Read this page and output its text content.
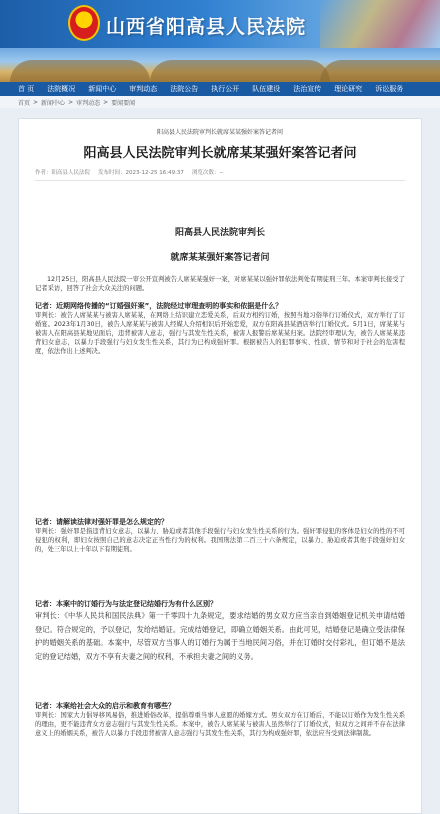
山西省阳高县人民法院
首 页 法院概况 新闻中心 审判动态 法院公告 执行公开 队伍建设 法治宣传 理论研究 诉讼服务
首页 > 新闻中心 > 审判动态 > 要闻要闻
阳高县人民法院审判长就席某某强奸案答记者问
阳高县人民法院审判长就席某某强奸案答记者问
作者：阳高县人民法院 发布时间：2023-12-25 16:49:37 浏览次数：--
阳高县人民法院审判长
就席某某强奸案答记者问
12月25日，阳高县人民法院一审公开宣判被告人席某某强奸一案，对席某某以强奸罪依法判处有期徒刑三年。本案审判长接受了记者采访，回答了社会大众关注的问题。
记者：近期网络传播的“订婚强奸案”，法院经过审理查明的事实和依据是什么？
审判长：被告人席某某与被害人席某某，在网络上结识建立恋爱关系，后双方相约订婚，按照当地习俗举行订婚仪式，双方举行了订婚宴。2023年1月30日，被告人席某某与被害人经媒人介绍相识后开始恋爱，双方在阳高县某酒店举行订婚仪式。5月1日，席某某与被害人在阳高县某地见面后，违背被害人意志，强行与其发生性关系，被害人报警后席某某归案。法院经审理认为，被告人席某某违背妇女意志，以暴力手段强行与妇女发生性关系，其行为已构成强奸罪。根据被告人的犯罪事实、性质、情节和对于社会的危害程度，依法作出上述判决。
记者：请解读法律对强奸罪是怎么规定的？
审判长：强奸罪是指违背妇女意志，以暴力、胁迫或者其他手段强行与妇女发生性关系的行为。强奸罪侵犯的客体是妇女的性的不可侵犯的权利，即妇女按照自己的意志决定正当性行为的权利。我国刑法第二百三十六条规定，以暴力、胁迫或者其他手段强奸妇女的，处三年以上十年以下有期徒刑。
记者：本案中的订婚行为与法定登记结婚行为有什么区别？
审判长：《中华人民共和国民法典》第一千零四十九条规定，要求结婚的男女双方应当亲自到婚姻登记机关申请结婚登记。符合规定的，予以登记，发给结婚证。完成结婚登记，即确立婚姻关系。由此可见，结婚登记是确立受法律保护的婚姻关系的基础。本案中，尽管双方当事人的订婚行为属于当地民间习俗，并在订婚时交付彩礼，但订婚不是法定的登记结婚，双方不享有夫妻之间的权利，不承担夫妻之间的义务。
记者：本案给社会大众的启示和教育有哪些？
审判长：国家大力倡导移风易俗，推进婚俗改革，提倡尊重当事人意愿的婚嫁方式。男女双方在订婚后，不能以订婚作为发生性关系的理由，更不能违背女方意志强行与其发生性关系。本案中，被告人席某某与被害人虽然举行了订婚仪式，但双方之间并不存在法律意义上的婚姻关系，被告人以暴力手段违背被害人意志强行与其发生性关系，其行为构成强奸罪，依法应当受到法律制裁。
